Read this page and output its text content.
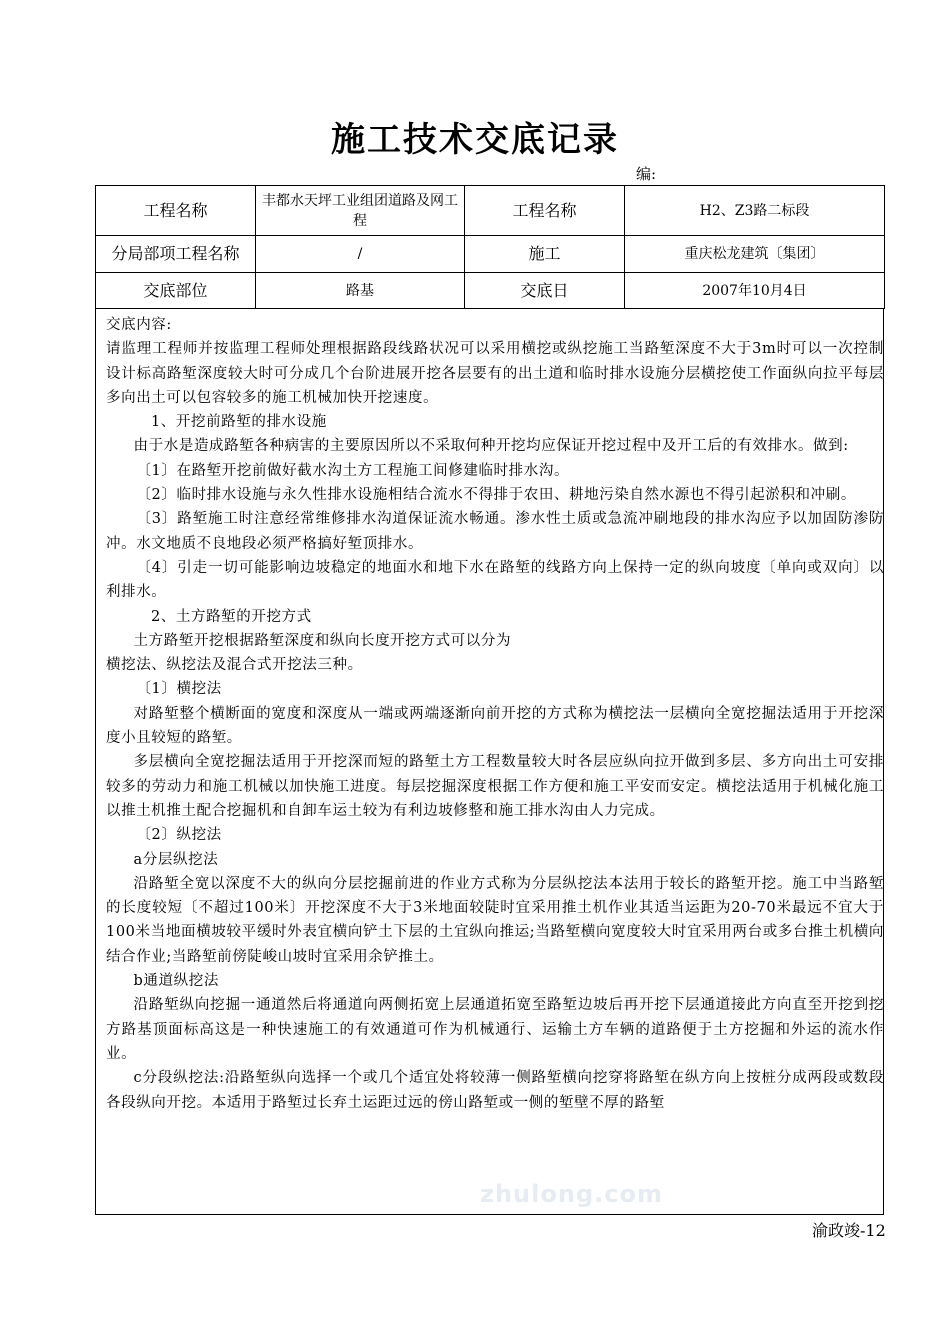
施工技术交底记录
编:
工程名称	丰都水天坪工业组团道路及网工程	工程名称	H2、Z3路二标段
分局部项工程名称	/	施工	重庆松龙建筑〔集团〕
交底部位	路基	交底日	2007年10月4日

交底内容:

请监理工程师并按监理工程师处理根据路段线路状况可以采用横挖或纵挖施工当路堑深度不大于3m时可以一次控制设计标高路堑深度较大时可分成几个台阶进展开挖各层要有的出土道和临时排水设施分层横挖使工作面纵向拉平每层多向出土可以包容较多的施工机械加快开挖速度。

1、开挖前路堑的排水设施

由于水是造成路堑各种病害的主要原因所以不采取何种开挖均应保证开挖过程中及开工后的有效排水。做到:

〔1〕在路堑开挖前做好截水沟土方工程施工间修建临时排水沟。

〔2〕临时排水设施与永久性排水设施相结合流水不得排于农田、耕地污染自然水源也不得引起淤积和冲刷。

〔3〕路堑施工时注意经常维修排水沟道保证流水畅通。渗水性土质或急流冲刷地段的排水沟应予以加固防渗防冲。水文地质不良地段必须严格搞好堑顶排水。

〔4〕引走一切可能影响边坡稳定的地面水和地下水在路堑的线路方向上保持一定的纵向坡度〔单向或双向〕以利排水。

2、土方路堑的开挖方式

土方路堑开挖根据路堑深度和纵向长度开挖方式可以分为

横挖法、纵挖法及混合式开挖法三种。

〔1〕横挖法

对路堑整个横断面的宽度和深度从一端或两端逐渐向前开挖的方式称为横挖法一层横向全宽挖掘法适用于开挖深度小且较短的路堑。

多层横向全宽挖掘法适用于开挖深而短的路堑土方工程数量较大时各层应纵向拉开做到多层、多方向出土可安排较多的劳动力和施工机械以加快施工进度。每层挖掘深度根据工作方便和施工平安而安定。横挖法适用于机械化施工以推土机推土配合挖掘机和自卸车运土较为有利边坡修整和施工排水沟由人力完成。

〔2〕纵挖法

a分层纵挖法

沿路堑全宽以深度不大的纵向分层挖掘前进的作业方式称为分层纵挖法本法用于较长的路堑开挖。施工中当路堑的长度较短〔不超过100米〕开挖深度不大于3米地面较陡时宜采用推土机作业其适当运距为20-70米最远不宜大于100米当地面横坡较平缓时外表宜横向铲土下层的土宜纵向推运;当路堑横向宽度较大时宜采用两台或多台推土机横向结合作业;当路堑前傍陡峻山坡时宜采用余铲推土。

b通道纵挖法

沿路堑纵向挖掘一通道然后将通道向两侧拓宽上层通道拓宽至路堑边坡后再开挖下层通道接此方向直至开挖到挖方路基顶面标高这是一种快速施工的有效通道可作为机械通行、运输土方车辆的道路便于土方挖掘和外运的流水作业。

c分段纵挖法:沿路堑纵向选择一个或几个适宜处将较薄一侧路堑横向挖穿将路堑在纵方向上按桩分成两段或数段各段纵向开挖。本适用于路堑过长弃土运距过远的傍山路堑或一侧的堑壁不厚的路堑

zhulong.com
渝政竣-12
